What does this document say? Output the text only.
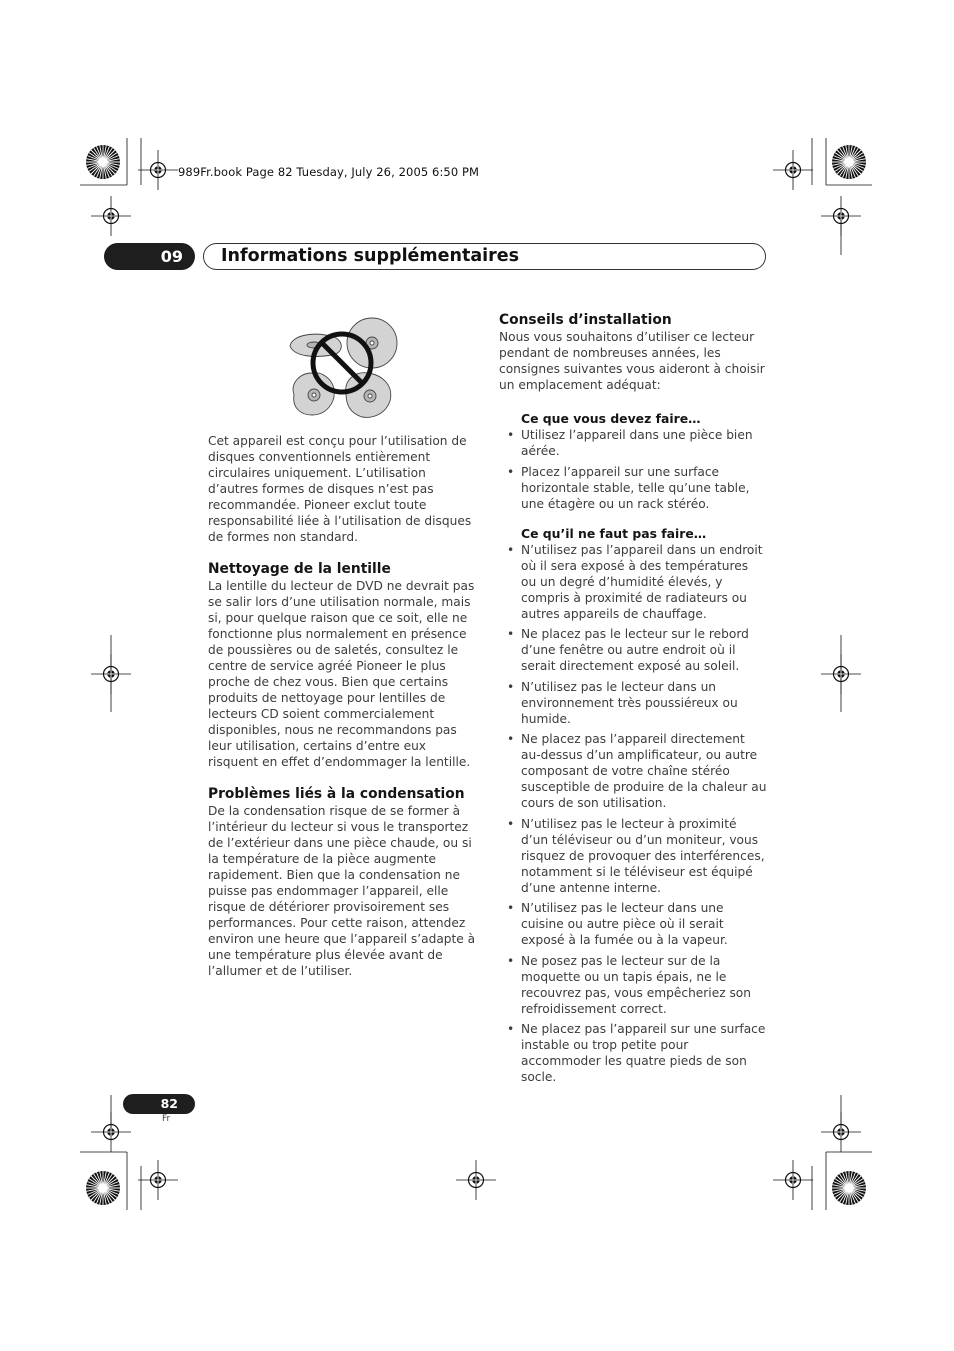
989Fr.book Page 82 Tuesday, July 26, 2005 6:50 PM
09	Informations supplémentaires

Cet appareil est conçu pour l’utilisation de disques conventionnels entièrement circulaires uniquement. L’utilisation d’autres formes de disques n’est pas recommandée. Pioneer exclut toute responsabilité liée à l’utilisation de disques de formes non standard.

Nettoyage de la lentille

La lentille du lecteur de DVD ne devrait pas se salir lors d’une utilisation normale, mais si, pour quelque raison que ce soit, elle ne fonctionne plus normalement en présence de poussières ou de saletés, consultez le centre de service agréé Pioneer le plus proche de chez vous. Bien que certains produits de nettoyage pour lentilles de lecteurs CD soient commercialement disponibles, nous ne recommandons pas leur utilisation, certains d’entre eux risquent en effet d’endommager la lentille.

Problèmes liés à la condensation

De la condensation risque de se former à l’intérieur du lecteur si vous le transportez de l’extérieur dans une pièce chaude, ou si la température de la pièce augmente rapidement. Bien que la condensation ne puisse pas endommager l’appareil, elle risque de détériorer provisoirement ses performances. Pour cette raison, attendez environ une heure que l’appareil s’adapte à une température plus élevée avant de l’allumer et de l’utiliser.

Conseils d’installation

Nous vous souhaitons d’utiliser ce lecteur pendant de nombreuses années, les consignes suivantes vous aideront à choisir un emplacement adéquat:

Ce que vous devez faire…
• Utilisez l’appareil dans une pièce bien aérée.
• Placez l’appareil sur une surface horizontale stable, telle qu’une table, une étagère ou un rack stéréo.
Ce qu’il ne faut pas faire…
• N’utilisez pas l’appareil dans un endroit où il sera exposé à des températures ou un degré d’humidité élevés, y compris à proximité de radiateurs ou autres appareils de chauffage.
• Ne placez pas le lecteur sur le rebord d’une fenêtre ou autre endroit où il serait directement exposé au soleil.
• N’utilisez pas le lecteur dans un environnement très poussiéreux ou humide.
• Ne placez pas l’appareil directement au-dessus d’un amplificateur, ou autre composant de votre chaîne stéréo susceptible de produire de la chaleur au cours de son utilisation.
• N’utilisez pas le lecteur à proximité d’un téléviseur ou d’un moniteur, vous risquez de provoquer des interférences, notamment si le téléviseur est équipé d’une antenne interne.
• N’utilisez pas le lecteur dans une cuisine ou autre pièce où il serait exposé à la fumée ou à la vapeur.
• Ne posez pas le lecteur sur de la moquette ou un tapis épais, ne le recouvrez pas, vous empêcheriez son refroidissement correct.
• Ne placez pas l’appareil sur une surface instable ou trop petite pour accommoder les quatre pieds de son socle.
82
Fr
